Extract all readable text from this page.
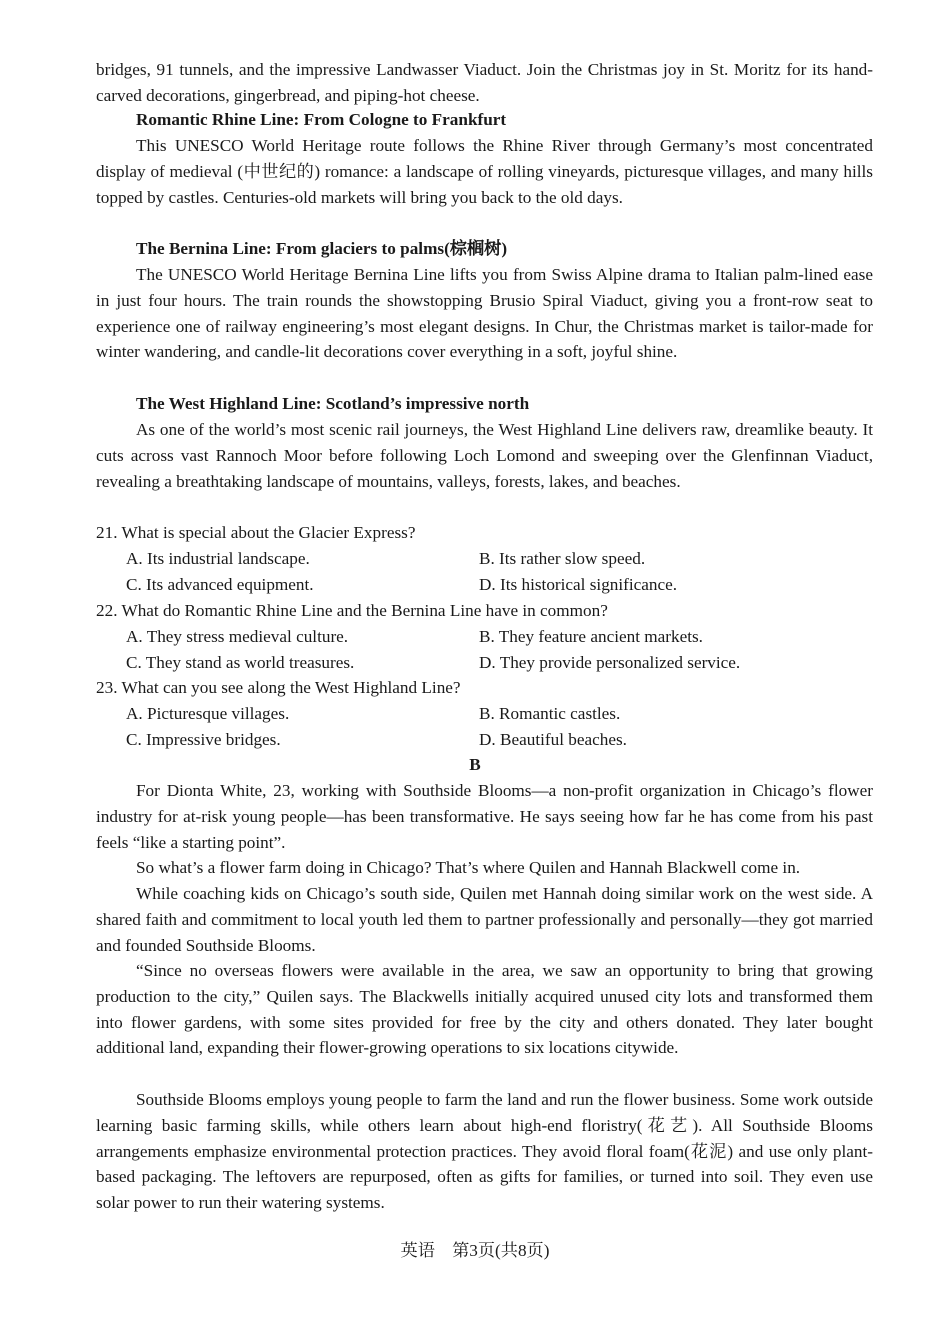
bridges, 91 tunnels, and the impressive Landwasser Viaduct. Join the Christmas joy in St. Moritz for its hand-carved decorations, gingerbread, and piping-hot cheese.

Romantic Rhine Line: From Cologne to Frankfurt

This UNESCO World Heritage route follows the Rhine River through Germany’s most concentrated display of medieval (中世纪的) romance: a landscape of rolling vineyards, picturesque villages, and many hills topped by castles. Centuries-old markets will bring you back to the old days.

The Bernina Line: From glaciers to palms(棕榈树)

The UNESCO World Heritage Bernina Line lifts you from Swiss Alpine drama to Italian palm-lined ease in just four hours. The train rounds the showstopping Brusio Spiral Viaduct, giving you a front-row seat to experience one of railway engineering’s most elegant designs. In Chur, the Christmas market is tailor-made for winter wandering, and candle-lit decorations cover everything in a soft, joyful shine.

The West Highland Line: Scotland’s impressive north

As one of the world’s most scenic rail journeys, the West Highland Line delivers raw, dreamlike beauty. It cuts across vast Rannoch Moor before following Loch Lomond and sweeping over the Glenfinnan Viaduct, revealing a breathtaking landscape of mountains, valleys, forests, lakes, and beaches.

21. What is special about the Glacier Express?

A. Its industrial landscape.	B. Its rather slow speed.

C. Its advanced equipment.	D. Its historical significance.

22. What do Romantic Rhine Line and the Bernina Line have in common?

A. They stress medieval culture.	B. They feature ancient markets.

C. They stand as world treasures.	D. They provide personalized service.

23. What can you see along the West Highland Line?

A. Picturesque villages.	B. Romantic castles.

C. Impressive bridges.	D. Beautiful beaches.

B

For Dionta White, 23, working with Southside Blooms—a non-profit organization in Chicago’s flower industry for at-risk young people—has been transformative. He says seeing how far he has come from his past feels “like a starting point”.

So what’s a flower farm doing in Chicago? That’s where Quilen and Hannah Blackwell come in.

While coaching kids on Chicago’s south side, Quilen met Hannah doing similar work on the west side. A shared faith and commitment to local youth led them to partner professionally and personally—they got married and founded Southside Blooms.

“Since no overseas flowers were available in the area, we saw an opportunity to bring that growing production to the city,” Quilen says. The Blackwells initially acquired unused city lots and transformed them into flower gardens, with some sites provided for free by the city and others donated. They later bought additional land, expanding their flower-growing operations to six locations citywide.

Southside Blooms employs young people to farm the land and run the flower business. Some work outside learning basic farming skills, while others learn about high-end floristry(花艺). All Southside Blooms arrangements emphasize environmental protection practices. They avoid floral foam(花泥) and use only plant-based packaging. The leftovers are repurposed, often as gifts for families, or turned into soil. They even use solar power to run their watering systems.

英语　第3页(共8页)
